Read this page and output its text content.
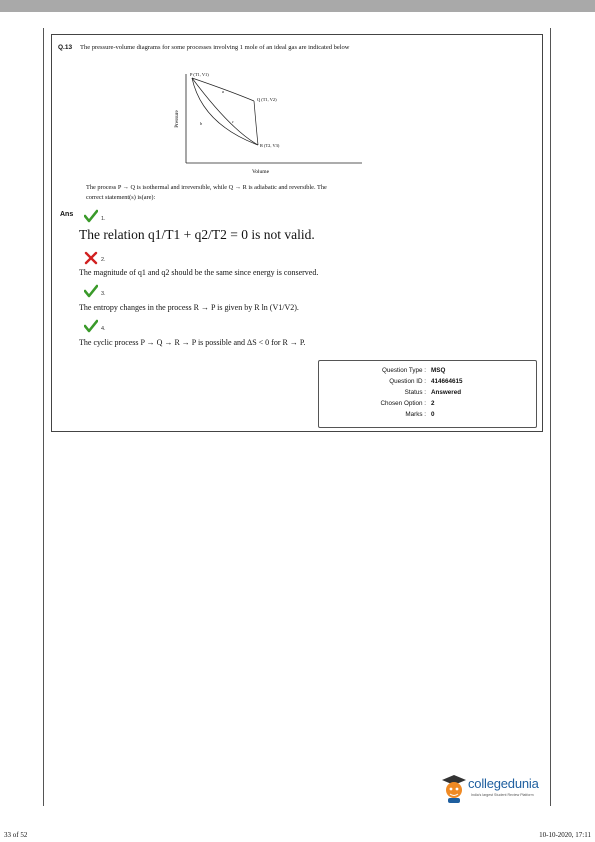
Q.13 The pressure-volume diagrams for some processes involving 1 mole of an ideal gas are indicated below
Pressure
Volume
P (T1, V1)
Q (T1, V2)
R (T2, V3)
a
b	c
The process P → Q is isothermal and irreversible, while Q → R is adiabatic and reversible. The
correct statement(s) is(are):
Ans
1.
The relation q1/T1 + q2/T2 = 0 is not valid.
2.
The magnitude of q1 and q2 should be the same since energy is conserved.
3.
The entropy changes in the process R → P is given by R ln (V1/V2).
4.
The cyclic process P → Q → R → P is possible and ΔS < 0 for R → P.
Question Type : MSQ
Question ID : 414664615
Status : Answered
Chosen Option : 2
Marks : 0
collegedunia
India's largest Student Review Platform
33 of 52	10-10-2020, 17:11
